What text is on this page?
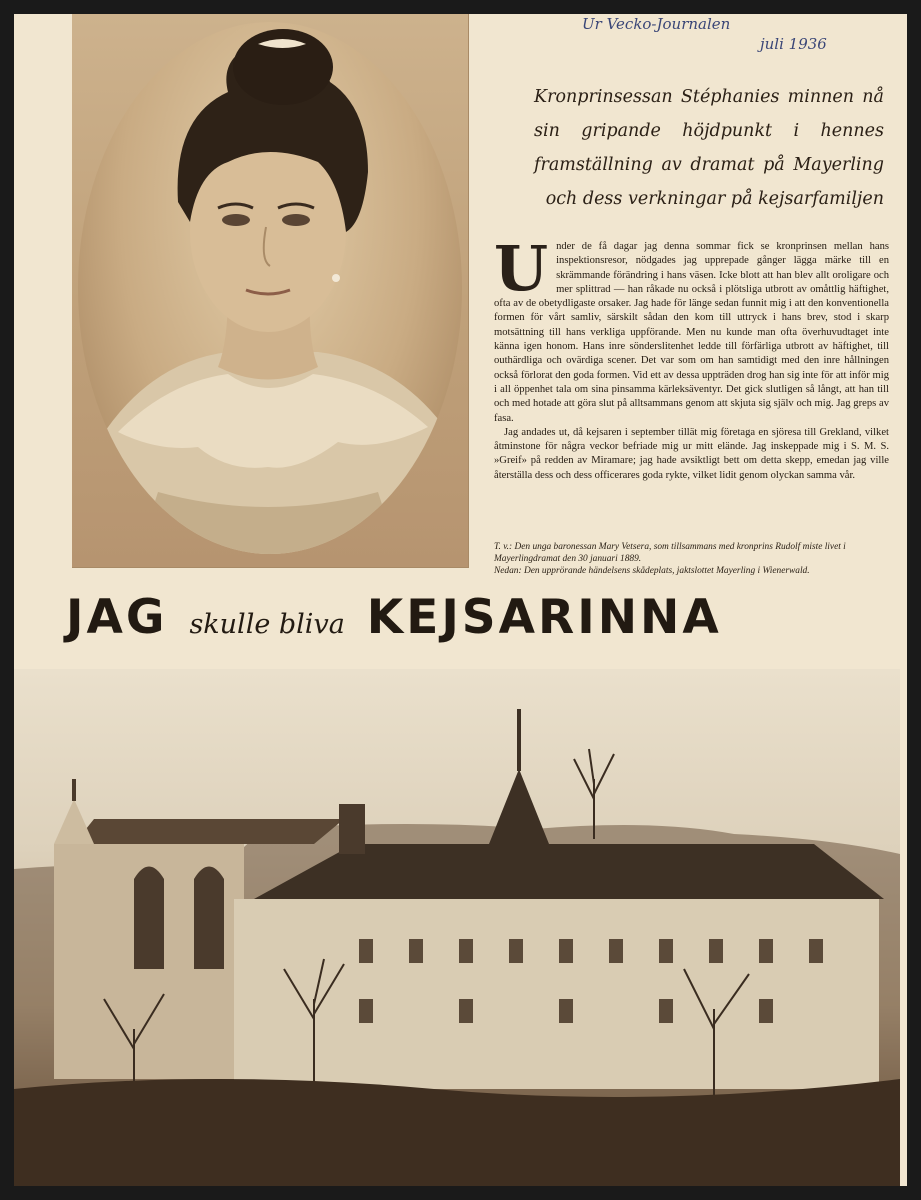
Ur Vecko-Journalen
juli 1936
Kronprinsessan Stéphanies minnen nå sin gripande höjdpunkt i hennes framställning av dramat på Mayerling och dess verkningar på kejsarfamiljen
U nder de få dagar jag denna sommar fick se kronprinsen mellan hans inspektionsresor, nödgades jag upprepade gånger lägga märke till en skrämmande förändring i hans väsen. Icke blott att han blev allt oroligare och mer splittrad — han råkade nu också i plötsliga utbrott av omåttlig häftighet, ofta av de obetydligaste orsaker. Jag hade för länge sedan funnit mig i att den konventionella formen för vårt samliv, särskilt sådan den kom till uttryck i hans brev, stod i skarp motsättning till hans verkliga uppförande. Men nu kunde man ofta överhuvudtaget inte känna igen honom. Hans inre sönderslitenhet ledde till förfärliga utbrott av häftighet, till outhärdliga och ovärdiga scener. Det var som om han samtidigt med den inre hållningen också förlorat den goda formen. Vid ett av dessa uppträden drog han sig inte för att inför mig i all öppenhet tala om sina pinsamma kärleksäventyr. Det gick slutligen så långt, att han till och med hotade att göra slut på alltsammans genom att skjuta sig själv och mig. Jag greps av fasa.

Jag andades ut, då kejsaren i september tillät mig företaga en sjöresa till Grekland, vilket åtminstone för några veckor befriade mig ur mitt elände. Jag inskeppade mig i S. M. S. »Greif» på redden av Miramare; jag hade avsiktligt bett om detta skepp, emedan jag ville återställa dess och dess officerares goda rykte, vilket lidit genom olyckan samma vår.

T. v.: Den unga baronessan Mary Vetsera, som tillsammans med kronprins Rudolf miste livet i Mayerlingdramat den 30 januari 1889.
Nedan: Den upprörande händelsens skådeplats, jaktslottet Mayerling i Wienerwald.
JAG skulle bliva KEJSARINNA
